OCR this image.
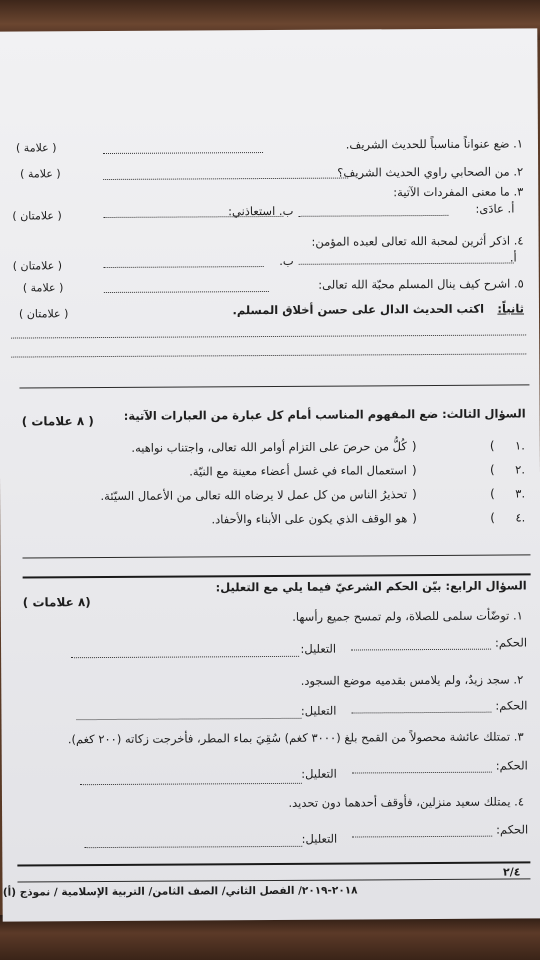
١. ضع عنواناً مناسباً للحديث الشريف.
( علامة )
٢. من الصحابي راوي الحديث الشريف؟
( علامة )
٣. ما معنى المفردات الآتية:
أ. عادَى:
ب. استعاذني:
( علامتان )
٤. اذكر أثرين لمحبة الله تعالى لعبده المؤمن:
أ.
ب.
( علامتان )
٥. اشرح كيف ينال المسلم محبّة الله تعالى:
( علامة )
ثانياً:
اكتب الحديث الدال على حسن أخلاق المسلم.
( علامتان )
السؤال الثالث: ضع المفهوم المناسب أمام كل عبارة من العبارات الآتية:
( ٨ علامات )
١.
(
)
كُلُّ من حرصَ على التزام أوامر الله تعالى، واجتناب نواهيه.
٢.
(
)
استعمال الماء في غسل أعضاء معينة مع النيّة.
٣.
(
)
تحذيرُ الناس من كل عمل لا يرضاه الله تعالى من الأعمال السيّئة.
٤.
(
)
هو الوقف الذي يكون على الأبناء والأحفاد.
السؤال الرابع: بيّن الحكم الشرعيّ فيما يلي مع التعليل:
(٨ علامات )
١. توضّأت سلمى للصلاة، ولم تمسح جميع رأسها.
الحكم:
التعليل:
٢. سجد زيدٌ، ولم يلامس بقدميه موضع السجود.
الحكم:
التعليل:
٣. تمتلك عائشة محصولاً من القمح بلغ (٣٠٠٠ كغم) سُقِيَ بماء المطر، فأخرجت زكاته (٢٠٠ كغم).
الحكم:
التعليل:
٤. يمتلك سعيد منزلين، فأوقف أحدهما دون تحديد.
الحكم:
التعليل:
٢/٤
٢٠١٨-٢٠١٩/ الفصل الثاني/ الصف الثامن/ التربية الإسلامية / نموذج (أ)
